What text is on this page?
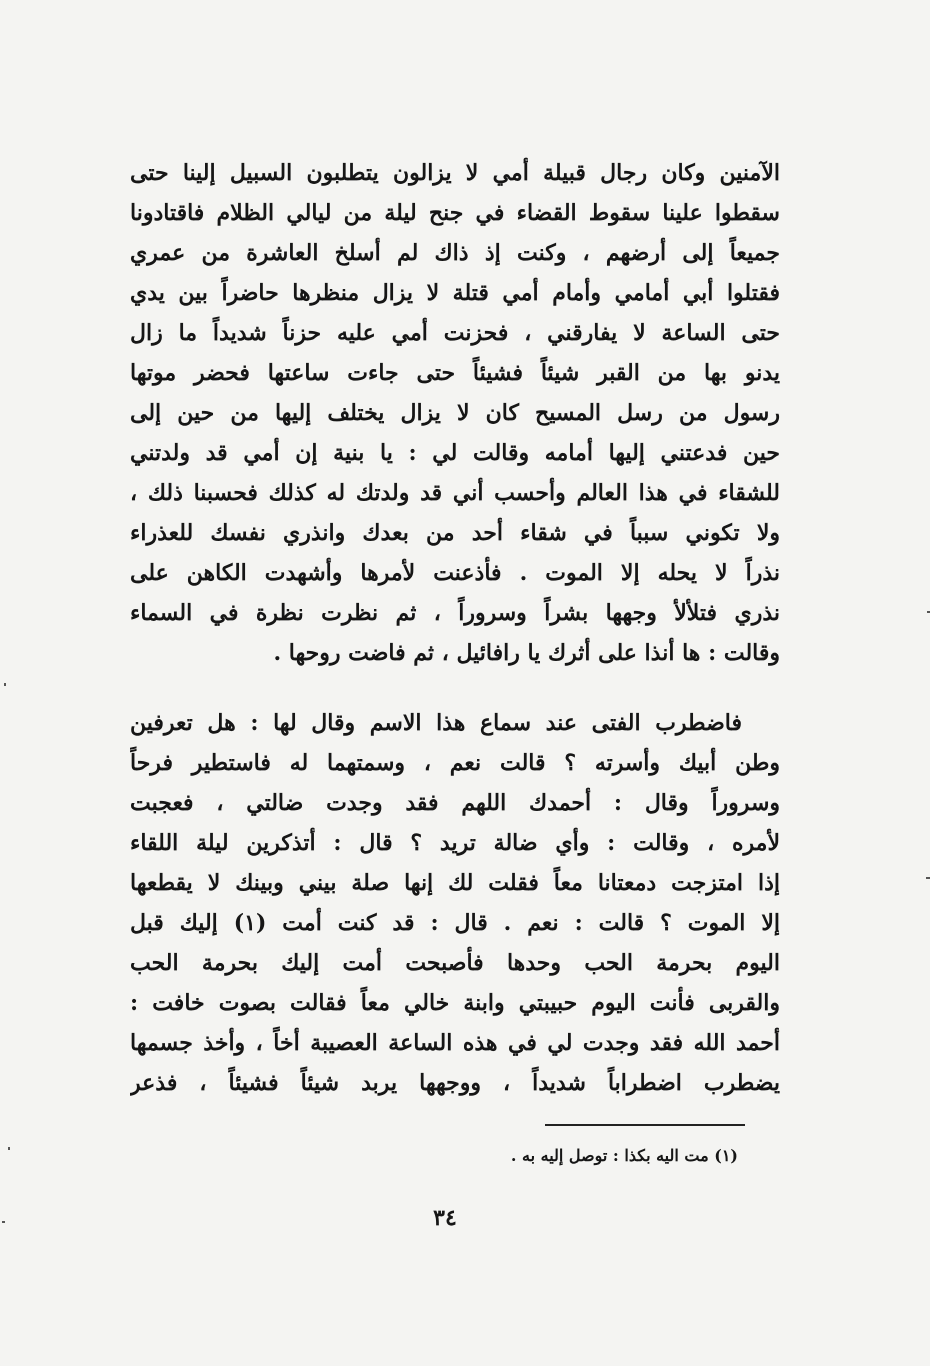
الآمنين وكان رجال قبيلة أمي لا يزالون يتطلبون السبيل إلينا حتى
سقطوا علينا سقوط القضاء في جنح ليلة من ليالي الظلام فاقتادونا
جميعاً إلى أرضهم ، وكنت إذ ذاك لم أسلخ العاشرة من عمري
فقتلوا أبي أمامي وأمام أمي قتلة لا يزال منظرها حاضراً بين يدي
حتى الساعة لا يفارقني ، فحزنت أمي عليه حزناً شديداً ما زال
يدنو بها من القبر شيئاً فشيئاً حتى جاءت ساعتها فحضر موتها
رسول من رسل المسيح كان لا يزال يختلف إليها من حين إلى
حين فدعتني إليها أمامه وقالت لي : يا بنية إن أمي قد ولدتني
للشقاء في هذا العالم وأحسب أني قد ولدتك له كذلك فحسبنا ذلك ،
ولا تكوني سبباً في شقاء أحد من بعدك وانذري نفسك للعذراء
نذراً لا يحله إلا الموت . فأذعنت لأمرها وأشهدت الكاهن على
نذري فتلألأ وجهها بشراً وسروراً ، ثم نظرت نظرة في السماء
وقالت : ها أنذا على أثرك يا رافائيل ، ثم فاضت روحها .
فاضطرب الفتى عند سماع هذا الاسم وقال لها : هل تعرفين
وطن أبيك وأسرته ؟ قالت نعم ، وسمتهما له فاستطير فرحاً
وسروراً وقال : أحمدك اللهم فقد وجدت ضالتي ، فعجبت
لأمره ، وقالت : وأي ضالة تريد ؟ قال : أتذكرين ليلة اللقاء
إذا امتزجت دمعتانا معاً فقلت لك إنها صلة بيني وبينك لا يقطعها
إلا الموت ؟ قالت : نعم . قال : قد كنت أمت (١) إليك قبل
اليوم بحرمة الحب وحدها فأصبحت أمت إليك بحرمة الحب
والقربى فأنت اليوم حبيبتي وابنة خالي معاً فقالت بصوت خافت :
أحمد الله فقد وجدت لي في هذه الساعة العصيبة أخاً ، وأخذ جسمها
يضطرب اضطراباً شديداً ، ووجهها يربد شيئاً فشيئاً ، فذعر
(١) مت اليه بكذا : توصل إليه به .
٣٤
